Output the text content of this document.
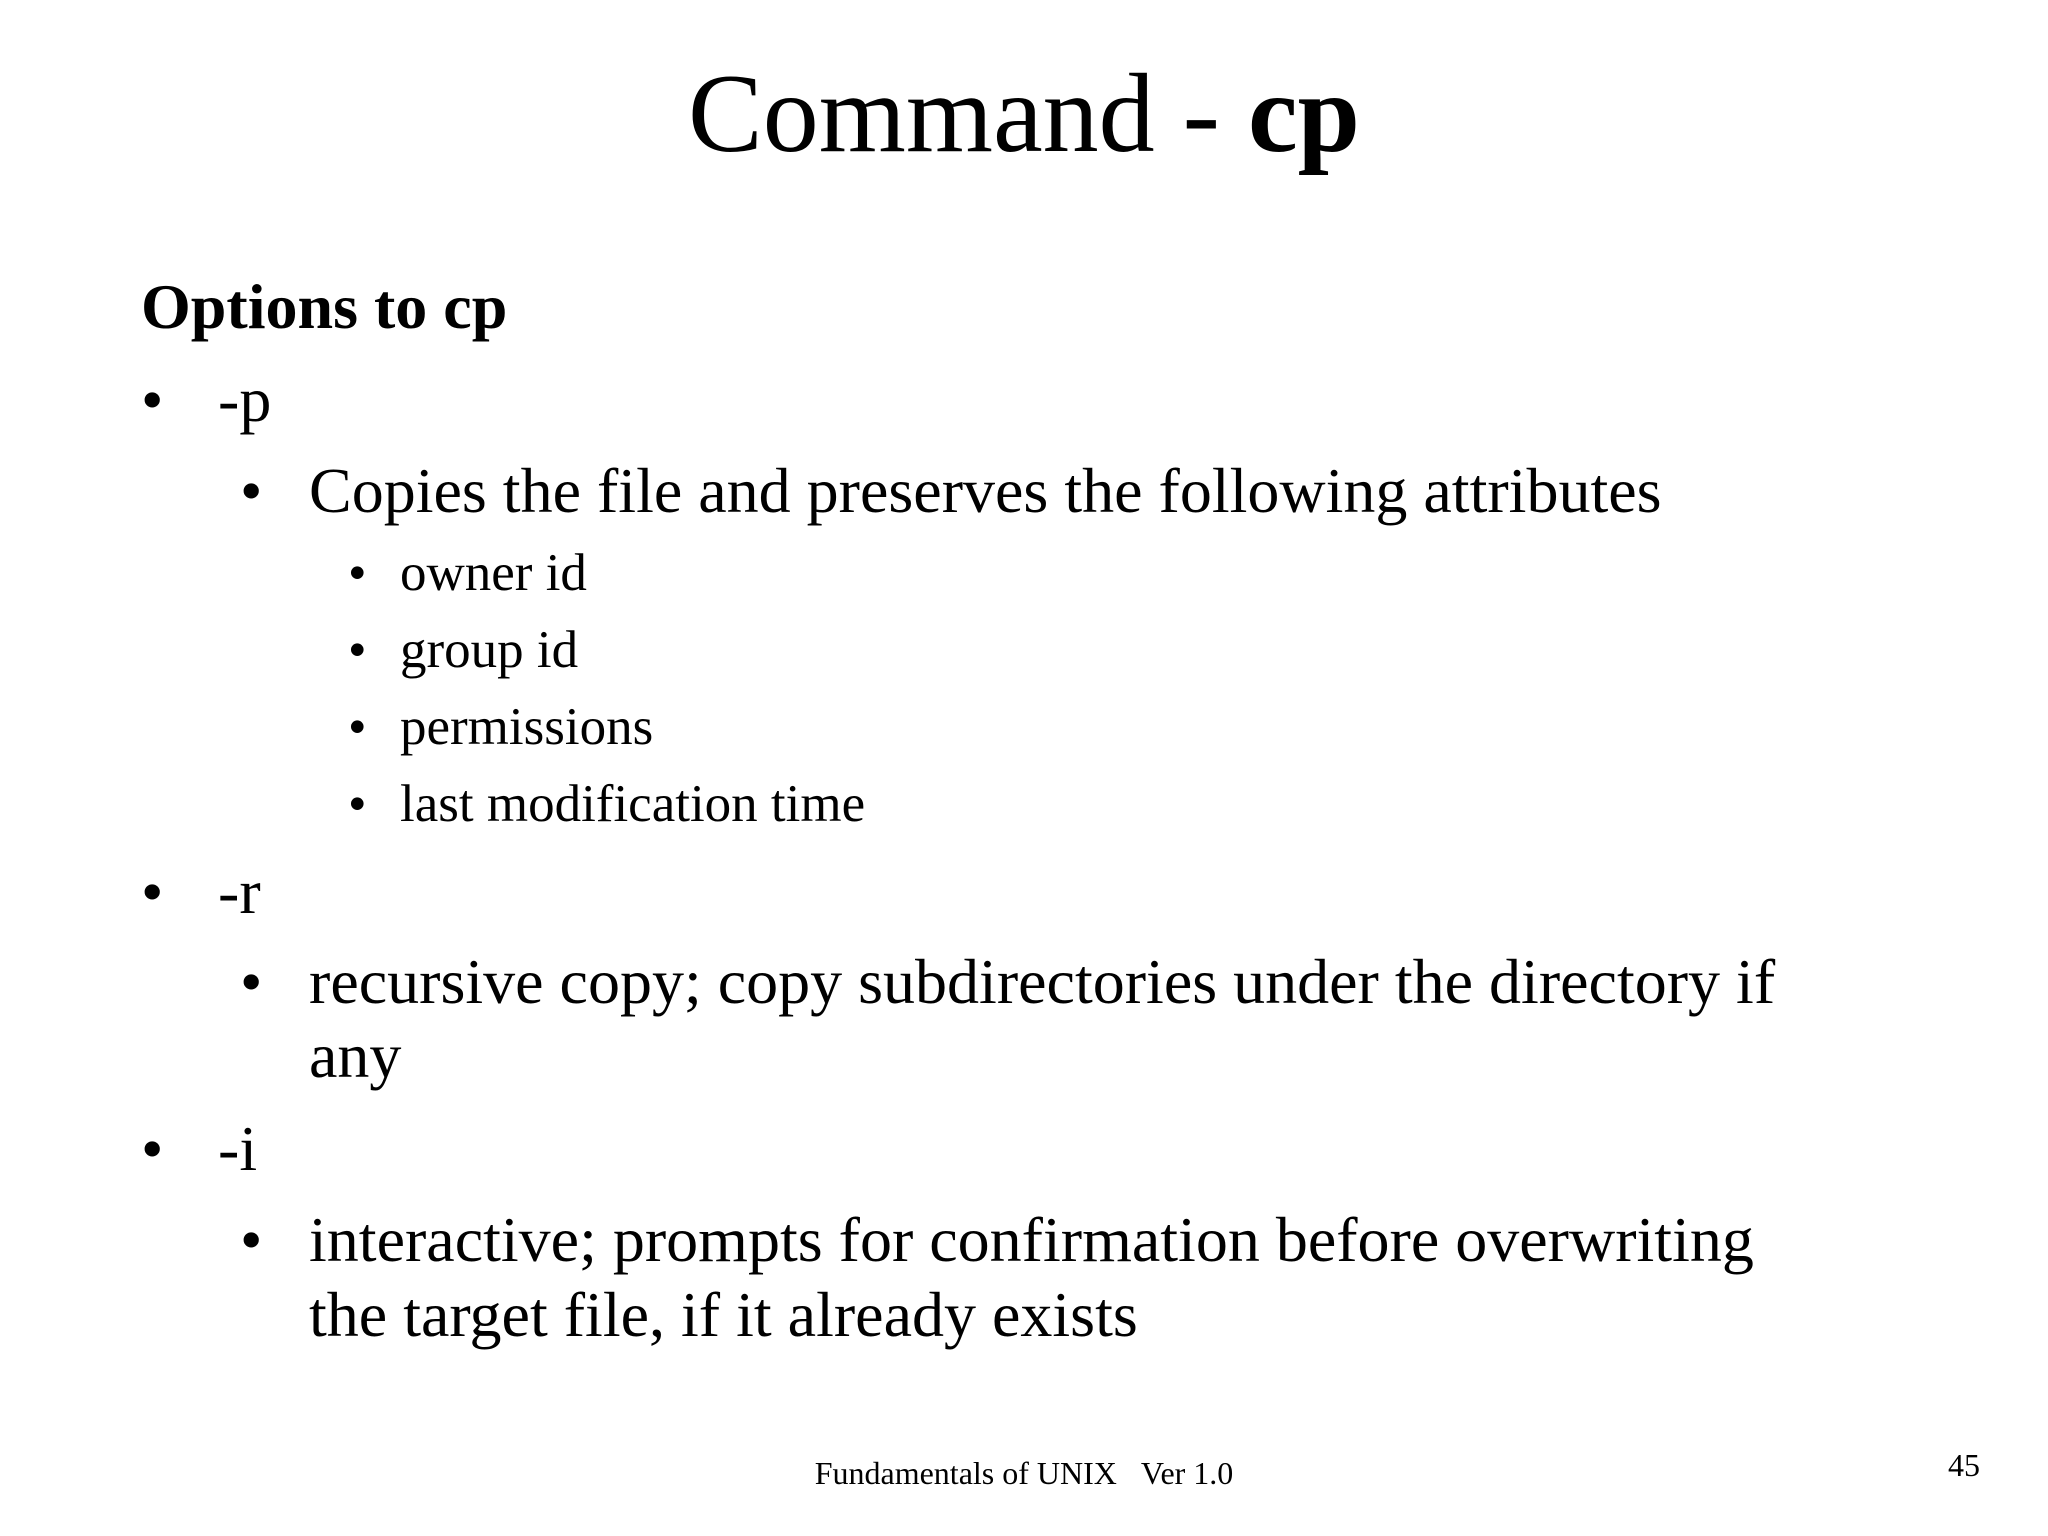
Command - cp
Options to cp
• -p
• Copies the file and preserves the following attributes
• owner id
• group id
• permissions
• last modification time
• -r
• recursive copy; copy subdirectories under the directory if
any
• -i
• interactive; prompts for confirmation before overwriting
the target file, if it already exists
Fundamentals of UNIX Ver 1.0	45
